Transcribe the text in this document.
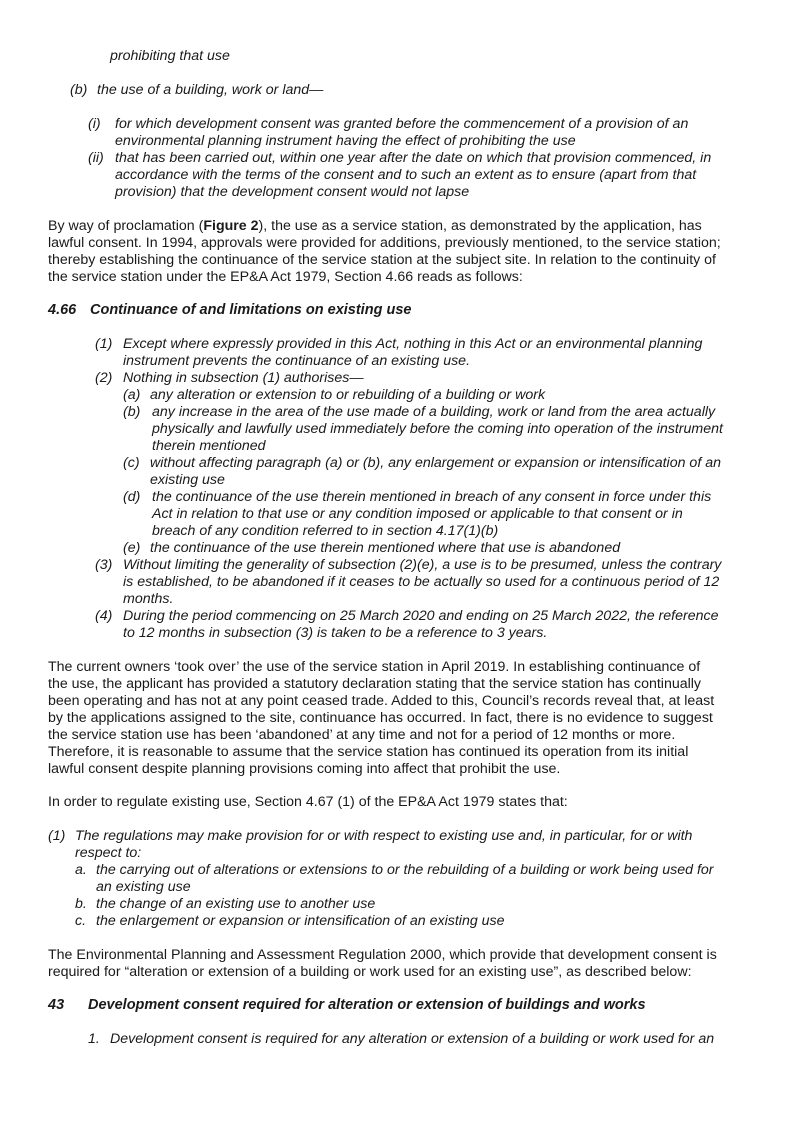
prohibiting that use
(b) the use of a building, work or land—
(i) for which development consent was granted before the commencement of a provision of an
environmental planning instrument having the effect of prohibiting the use
(ii) that has been carried out, within one year after the date on which that provision commenced, in
accordance with the terms of the consent and to such an extent as to ensure (apart from that
provision) that the development consent would not lapse
By way of proclamation (Figure 2), the use as a service station, as demonstrated by the application, has
lawful consent. In 1994, approvals were provided for additions, previously mentioned, to the service station;
thereby establishing the continuance of the service station at the subject site. In relation to the continuity of
the service station under the EP&A Act 1979, Section 4.66 reads as follows:
4.66 Continuance of and limitations on existing use
(1) Except where expressly provided in this Act, nothing in this Act or an environmental planning
instrument prevents the continuance of an existing use.
(2) Nothing in subsection (1) authorises—
(a) any alteration or extension to or rebuilding of a building or work
(b) any increase in the area of the use made of a building, work or land from the area actually
physically and lawfully used immediately before the coming into operation of the instrument
therein mentioned
(c) without affecting paragraph (a) or (b), any enlargement or expansion or intensification of an
existing use
(d) the continuance of the use therein mentioned in breach of any consent in force under this
Act in relation to that use or any condition imposed or applicable to that consent or in
breach of any condition referred to in section 4.17(1)(b)
(e) the continuance of the use therein mentioned where that use is abandoned
(3) Without limiting the generality of subsection (2)(e), a use is to be presumed, unless the contrary
is established, to be abandoned if it ceases to be actually so used for a continuous period of 12
months.
(4) During the period commencing on 25 March 2020 and ending on 25 March 2022, the reference
to 12 months in subsection (3) is taken to be a reference to 3 years.
The current owners ‘took over’ the use of the service station in April 2019. In establishing continuance of
the use, the applicant has provided a statutory declaration stating that the service station has continually
been operating and has not at any point ceased trade. Added to this, Council’s records reveal that, at least
by the applications assigned to the site, continuance has occurred. In fact, there is no evidence to suggest
the service station use has been ‘abandoned’ at any time and not for a period of 12 months or more.
Therefore, it is reasonable to assume that the service station has continued its operation from its initial
lawful consent despite planning provisions coming into affect that prohibit the use.
In order to regulate existing use, Section 4.67 (1) of the EP&A Act 1979 states that:
(1) The regulations may make provision for or with respect to existing use and, in particular, for or with
respect to:
a. the carrying out of alterations or extensions to or the rebuilding of a building or work being used for
an existing use
b. the change of an existing use to another use
c. the enlargement or expansion or intensification of an existing use
The Environmental Planning and Assessment Regulation 2000, which provide that development consent is
required for “alteration or extension of a building or work used for an existing use”, as described below:
43 Development consent required for alteration or extension of buildings and works
1. Development consent is required for any alteration or extension of a building or work used for an
